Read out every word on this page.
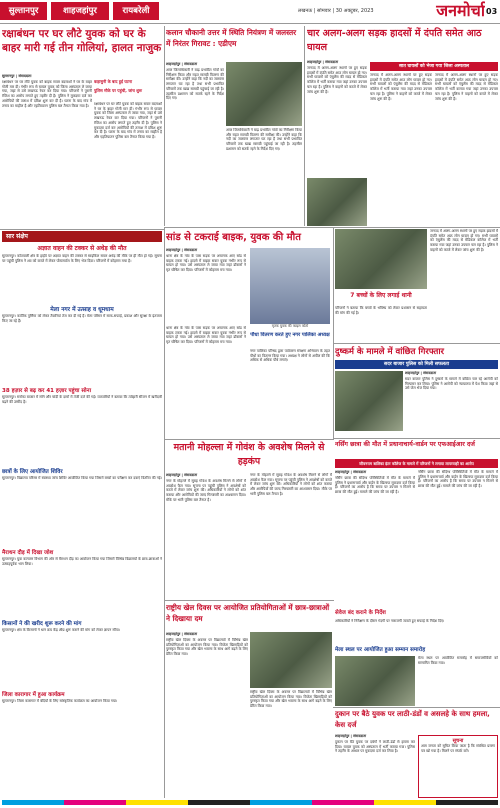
सुल्तानपुर	शाहजहांपुर	रायबरेली	लखनऊ | सोमवार | 30 अक्टूबर, 2023	जनमोर्चा 03
रक्षाबंधन पर घर लौटे युवक को घर के बाहर मारी गई तीन गोलियां, हालत नाजुक
सुल्तानपुर | संवाददाता
कहासुनी के बाद हुई घटना
पुलिस मौके पर पहुंची, जांच शुरू
रक्षाबंधन पर घर लौटे युवक को बाइक सवार बदमाशों ने घर के बाहर गोली मार दी। गंभीर रूप से घायल युवक को जिला अस्पताल ले जाया गया, जहां से उसे लखनऊ रेफर कर दिया गया। परिजनों ने पुरानी रंजिश का आरोप लगाते हुए तहरीर दी है। पुलिस ने मुकदमा दर्ज कर आरोपियों की तलाश में दबिश शुरू कर दी है। घटना के बाद गांव में तनाव का माहौल है और एहतियातन पुलिस बल तैनात किया गया है।	रक्षाबंधन पर घर लौटे युवक को बाइक सवार बदमाशों ने घर के बाहर गोली मार दी। गंभीर रूप से घायल युवक को जिला अस्पताल ले जाया गया, जहां से उसे लखनऊ रेफर कर दिया गया। परिजनों ने पुरानी रंजिश का आरोप लगाते हुए तहरीर दी है। पुलिस ने मुकदमा दर्ज कर आरोपियों की तलाश में दबिश शुरू कर दी है। घटना के बाद गांव में तनाव का माहौल है और एहतियातन पुलिस बल तैनात किया गया है।
कलान चौकानी उत्तर में स्थिति नियंत्रण में जलस्तर में निरंतर गिरावट : एडीएम
शाहजहांपुर | संवाददाता
अपर जिलाधिकारी ने बाढ़ प्रभावित गांवों का निरीक्षण किया और राहत सामग्री वितरण की समीक्षा की। उन्होंने कहा कि नदी का जलस्तर लगातार घट रहा है तथा सभी प्रभावित परिवारों तक खाद्य सामग्री पहुंचाई जा रही है। तहसील प्रशासन को सतर्क रहने के निर्देश दिए गए।
अपर जिलाधिकारी ने बाढ़ प्रभावित गांवों का निरीक्षण किया और राहत सामग्री वितरण की समीक्षा की। उन्होंने कहा कि नदी का जलस्तर लगातार घट रहा है तथा सभी प्रभावित परिवारों तक खाद्य सामग्री पहुंचाई जा रही है। तहसील प्रशासन को सतर्क रहने के निर्देश दिए गए।
चार अलग-अलग सड़क हादसों में दंपति समेत आठ घायल
शाहजहांपुर | संवाददाता
जनपद में अलग-अलग स्थानों पर हुए सड़क हादसों में दंपति समेत आठ लोग घायल हो गए। सभी घायलों को एंबुलेंस की मदद से मेडिकल कॉलेज में भर्ती कराया गया जहां उनका उपचार चल रहा है। पुलिस ने वाहनों को कब्जे में लेकर जांच शुरू की है।
सात घायलों को भेजा गया जिला अस्पताल
जनपद में अलग-अलग स्थानों पर हुए सड़क हादसों में दंपति समेत आठ लोग घायल हो गए। सभी घायलों को एंबुलेंस की मदद से मेडिकल कॉलेज में भर्ती कराया गया जहां उनका उपचार चल रहा है। पुलिस ने वाहनों को कब्जे में लेकर जांच शुरू की है।
जनपद में अलग-अलग स्थानों पर हुए सड़क हादसों में दंपति समेत आठ लोग घायल हो गए। सभी घायलों को एंबुलेंस की मदद से मेडिकल कॉलेज में भर्ती कराया गया जहां उनका उपचार चल रहा है। पुलिस ने वाहनों को कब्जे में लेकर जांच शुरू की है।
सार संक्षेप
अज्ञात वाहन की टक्कर से अधेड़ की मौत
सुल्तानपुर। कोतवाली क्षेत्र के हाईवे पर अज्ञात वाहन की टक्कर से साइकिल सवार अधेड़ की मौके पर ही मौत हो गई। सूचना पर पहुंची पुलिस ने शव को कब्जे में लेकर पोस्टमार्टम के लिए भेज दिया। परिजनों में कोहराम मचा है।
मेला नगर में उत्साह व धूमधाम
सुल्तानपुर। कार्तिक पूर्णिमा को लेकर तैयारियां तेज कर दी गई हैं। मेला परिसर में साफ-सफाई, प्रकाश और सुरक्षा के इंतजाम किए जा रहे हैं।
38 हज़ार से बढ़ कर 41 हज़ार पहुंचा सोना
सुल्तानपुर। सर्राफा बाजार में सोने और चांदी के दामों में तेजी दर्ज की गई। व्यापारियों ने बताया कि त्योहारी सीजन में खरीदारी बढ़ने की उम्मीद है।
छात्रों के लिए आयोजित शिविर
सुल्तानपुर। विद्यालय परिसर में स्वास्थ्य जांच शिविर आयोजित किया गया जिसमें बच्चों का परीक्षण कर दवाएं वितरित की गईं।
मैराथन दौड़ में दिखा जोश
सुल्तानपुर। युवा कल्याण विभाग की ओर से मैराथन दौड़ का आयोजन किया गया जिसमें विभिन्न विद्यालयों के छात्र-छात्राओं ने उत्साहपूर्वक भाग लिया।
किसानों ने की खरीद शुरू करने की मांग
सुल्तानपुर। क्षेत्र के किसानों ने धान क्रय केंद्र शीघ्र शुरू कराने की मांग को लेकर ज्ञापन सौंपा।
जिला कारागार में हुआ कार्यक्रम
सुल्तानपुर। जिला कारागार में बंदियों के लिए सांस्कृतिक कार्यक्रम का आयोजन किया गया।
सांड से टकराई बाइक, युवक की मौत
शाहजहांपुर | संवाददाता
थाना क्षेत्र के गांव के पास सड़क पर अचानक आए सांड से बाइक टकरा गई। हादसे में बाइक सवार युवक गंभीर रूप से घायल हो गया। उसे अस्पताल ले जाया गया जहां डॉक्टरों ने मृत घोषित कर दिया। परिजनों में कोहराम मच गया।
मृतक युवक की फाइल फोटो
थाना क्षेत्र के गांव के पास सड़क पर अचानक आए सांड से बाइक टकरा गई। हादसे में बाइक सवार युवक गंभीर रूप से घायल हो गया। उसे अस्पताल ले जाया गया जहां डॉक्टरों ने मृत घोषित कर दिया। परिजनों में कोहराम मच गया।
पौधा वितरण करते हुए नगर पालिका अध्यक्ष
नगर पालिका परिषद द्वारा पर्यावरण संरक्षण अभियान के तहत पौधों का वितरण किया गया। अध्यक्ष ने लोगों से अपील की कि अधिक से अधिक पौधे लगाएं।
7 बच्चों के लिए लगाई थानी
परिजनों ने बताया कि बच्चों के भविष्य को लेकर प्रशासन से सहायता की मांग की गई है।
जनपद में अलग-अलग स्थानों पर हुए सड़क हादसों में दंपति समेत आठ लोग घायल हो गए। सभी घायलों को एंबुलेंस की मदद से मेडिकल कॉलेज में भर्ती कराया गया जहां उनका उपचार चल रहा है। पुलिस ने वाहनों को कब्जे में लेकर जांच शुरू की है।
दुष्कर्म के मामले में वांछित गिरफ्तार
सदर बाजार पुलिस को मिली सफलता
शाहजहांपुर | संवाददाता
सदर बाजार पुलिस ने दुष्कर्म के मामले में वांछित चल रहे आरोपी को गिरफ्तार कर लिया। पुलिस ने आरोपी को न्यायालय में पेश किया जहां से उसे जेल भेज दिया गया।
मतानी मोहल्ला में गोवंश के अवशेष मिलने से हड़कंप
शाहजहांपुर | संवाददाता
नगर के मोहल्ले में सुबह गोवंश के अवशेष मिलने से लोगों में आक्रोश फैल गया। सूचना पर पहुंची पुलिस ने अवशेषों को कब्जे में लेकर जांच शुरू की। अधिकारियों ने लोगों को शांत कराया और आरोपियों की जल्द गिरफ्तारी का आश्वासन दिया। मौके पर भारी पुलिस बल तैनात है।
नगर के मोहल्ले में सुबह गोवंश के अवशेष मिलने से लोगों में आक्रोश फैल गया। सूचना पर पहुंची पुलिस ने अवशेषों को कब्जे में लेकर जांच शुरू की। अधिकारियों ने लोगों को शांत कराया और आरोपियों की जल्द गिरफ्तारी का आश्वासन दिया। मौके पर भारी पुलिस बल तैनात है।
नर्सिंग छात्रा की मौत में प्रधानाचार्य-वार्डन पर एफआईआर दर्ज
जीवनराम बालिका इंटर कॉलेज के मामले में परिजनों ने लगाया लापरवाही का आरोप
शाहजहांपुर | संवाददाता
नर्सिंग छात्रा की संदिग्ध परिस्थितियों में मौत के मामले में पुलिस ने प्रधानाचार्य और वार्डन के खिलाफ मुकदमा दर्ज किया है। परिजनों का आरोप है कि समय पर उपचार न मिलने से छात्रा की मौत हुई। मामले की जांच की जा रही है।
नर्सिंग छात्रा की संदिग्ध परिस्थितियों में मौत के मामले में पुलिस ने प्रधानाचार्य और वार्डन के खिलाफ मुकदमा दर्ज किया है। परिजनों का आरोप है कि समय पर उपचार न मिलने से छात्रा की मौत हुई। मामले की जांच की जा रही है।
राष्ट्रीय खेल दिवस पर आयोजित प्रतियोगिताओं में छात्र-छात्राओं ने दिखाया दम
शाहजहांपुर | संवाददाता
राष्ट्रीय खेल दिवस के अवसर पर विद्यालयों में विभिन्न खेल प्रतियोगिताओं का आयोजन किया गया। विजेता खिलाड़ियों को पुरस्कृत किया गया और खेल भावना के साथ आगे बढ़ने के लिए प्रेरित किया गया।
राष्ट्रीय खेल दिवस के अवसर पर विद्यालयों में विभिन्न खेल प्रतियोगिताओं का आयोजन किया गया। विजेता खिलाड़ियों को पुरस्कृत किया गया और खेल भावना के साथ आगे बढ़ने के लिए प्रेरित किया गया।
सेवेज बंद कराने के निर्देश
अधिकारियों ने निरीक्षण के दौरान गंदगी पर नाराजगी जताते हुए सफाई के निर्देश दिए।
मेला स्थल पर आयोजित हुआ सम्मान समारोह
मेला स्थल पर आयोजित समारोह में समाजसेवियों को सम्मानित किया गया।
दुकान पर बैठे युवक पर लाठी-डंडों व असलहे के साथ हमला, केस दर्ज
शाहजहांपुर | संवाददाता
दुकान पर बैठे युवक पर दबंगों ने लाठी-डंडों से हमला कर दिया। घायल युवक को अस्पताल में भर्ती कराया गया। पुलिस ने तहरीर के आधार पर मुकदमा दर्ज कर लिया है।
सूचना
आम जनता को सूचित किया जाता है कि संबंधित प्रमाण पत्र खो गया है। मिलने पर संपर्क करें।
